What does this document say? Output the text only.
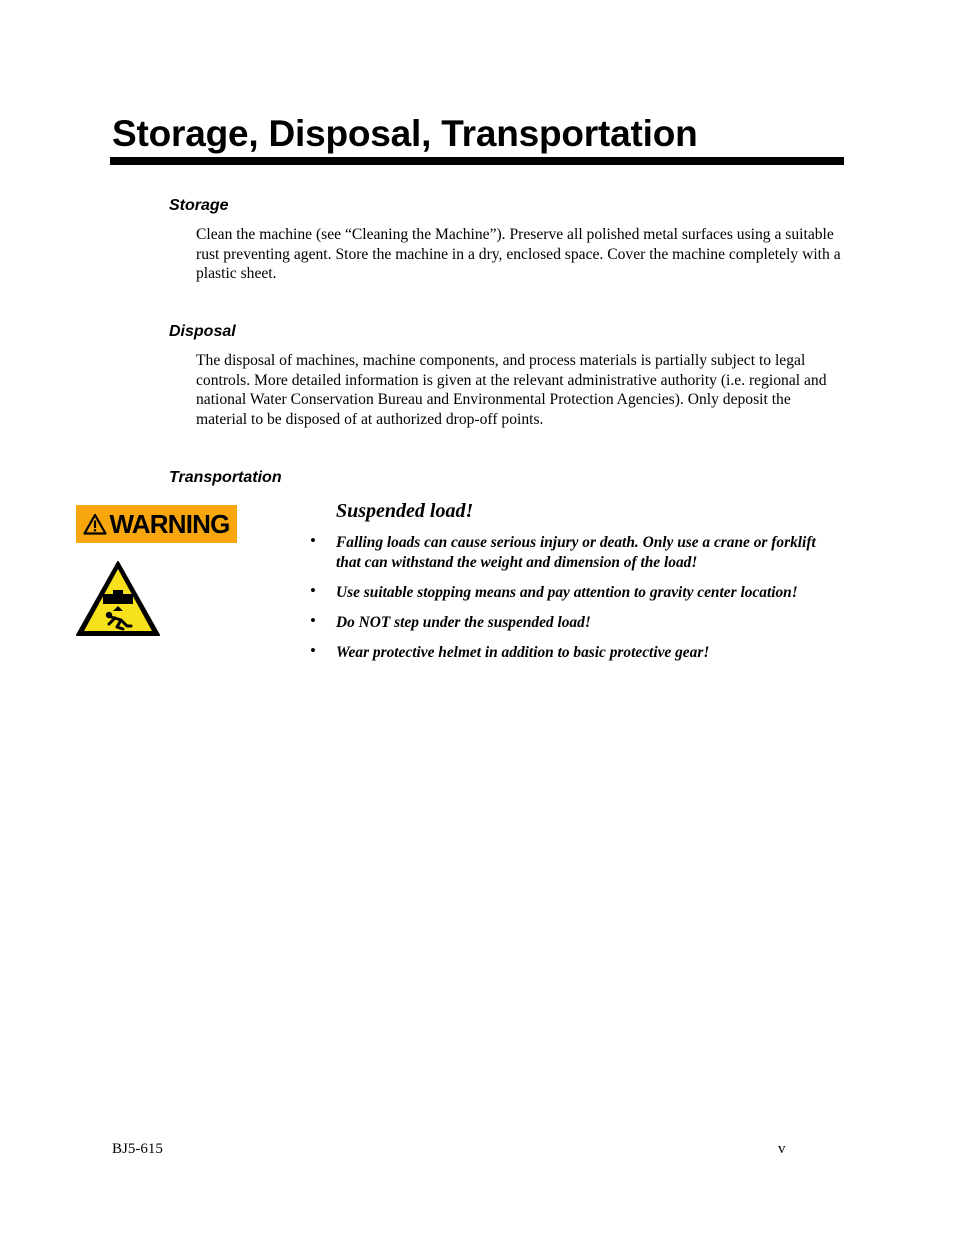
Storage, Disposal, Transportation
Storage

Clean the machine (see “Cleaning the Machine”). Preserve all polished metal surfaces using a suitable rust preventing agent. Store the machine in a dry, enclosed space. Cover the machine completely with a plastic sheet.

Disposal

The disposal of machines, machine components, and process materials is partially subject to legal controls. More detailed information is given at the relevant administrative authority (i.e. regional and national Water Conservation Bureau and Environmental Protection Agencies). Only deposit the material to be disposed of at authorized drop-off points.

Transportation
WARNING	Suspended load!
• Falling loads can cause serious injury or death. Only use a crane or forklift that can withstand the weight and dimension of the load!
• Use suitable stopping means and pay attention to gravity center location!
• Do NOT step under the suspended load!
• Wear protective helmet in addition to basic protective gear!
BJ5-615	v
